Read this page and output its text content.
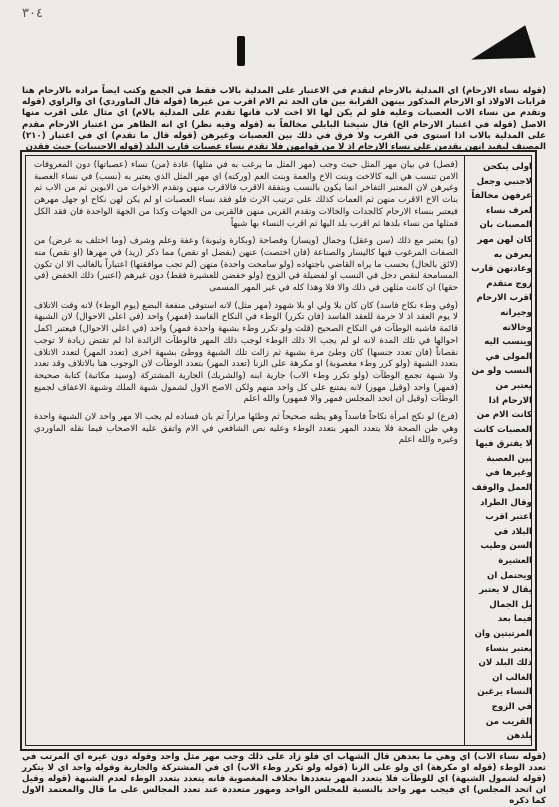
٣٠٤
(قوله نساء الارحام) اي المدلية بالارحام لتقدم في الاعتبار على المدلية بالاب فقط في الجمع وكتب ايضاً مراده بالارحام هنا قرابات الاولاد او الارحام المذكور بينهن القرابة بين فان الجد ثم الام اقرب من غيرها (قوله قال الماوردي) اي والراوي (قوله وتقدم من نساء الاب العصبات وعليه فلو لم يكن لها الا اخت لاب فانها تقدم على المدلية بالام) اي مثال على اقرب منها الاصل (قوله في اعتبار الارحام الخ) قال شيخنا البابلي مخالفاً به (قوله وفيه نظر) اي انه الظاهر من اعتبار الارحام مقدم على المدلية بالاب اذا استوى في القرب ولا فرق في ذلك بين العصبات وغيرهن (قوله قال ما تقدم) اي في اعتبار (٢١٠) المصنف ليفيد انهن يقدمن على نساء الارحام اذ لا من قوامهن فلا تقدم نساء عصبات قارب البلد (قوله الاجنبيات) حيث فقدن

(فصل) في بيان مهر المثل حيث وجب (مهر المثل ما يرغب به في مثلها) عادة (من) نساء (عصباتها) دون المعروفات الامن تنسب هي اليه كالاخت وبنت الاخ والعمة وبنت العم (وركنه) اي مهر المثل الذي يعتبر به (نسب) في نساء العصبة وغيرهن لان المعتبر التفاخر انما يكون بالنسب وبنفقة الاقرب فالاقرب منهن وتقدم الاخوات من الابوين ثم من الاب ثم بنات الاخ الاقرب منهن ثم العمات كذلك على ترتيب الارث فلو فقد نساء العصبات او لم يكن لهن نكاح او جهل مهرهن فيعتبر بنساء الارحام كالجدات والخالات وتقدم القربى منهن فالقربى من الجهات وكذا من الجهة الواحدة فان فقد الكل فمثلها من نساء بلدها ثم اقرب بلد اليها ثم اقرب النساء بها شبهاً

(و) يعتبر مع ذلك (سن وعقل) وجمال (ويسار) وفصاحة (وبكارة وثيوبة) وعفة وعلم وشرف (وما اختلف به غرض) من الصفات المرغوب فيها كاليسار والصناعة (فان اختصت) عنهن (بفضل او نقص) مما ذكر (زيد) في مهرها (او نقص) منه (لائق بالحال) بحسب ما يراه القاضي باجتهاده (ولو سامحت واحدة) منهن (لم تجب موافقتها) اعتباراً بالغالب الا ان تكون المسامحة لنقص دخل في النسب او لفضيلة في الزوج (ولو خفضن للعشيرة فقط) دون غيرهم (اعتبر) ذلك الخفض (في حقها) ان كانت مثلهن في ذلك والا فلا وهذا كله في غير المهر المسمى

(وفي وطء نكاح فاسد) كان كان بلا ولي او بلا شهود (مهر مثل) لانه استوفى منفعة البضع (يوم الوطء) لانه وقت الاتلاف لا يوم العقد اذ لا حرمة للعقد الفاسد (فان تكرر) الوطء في النكاح الفاسد (فمهر) واحد (في اعلى الاحوال) لان الشبهة قائمة فاشبه الوطآت في النكاح الصحيح (قلت ولو تكرر وطء بشبهة واحدة فمهر) واحد (في اعلى الاحوال) فيعتبر اكمل احوالها في تلك المدة لانه لو لم يجب الا ذلك الوطء لوجب ذلك المهر فالوطآت الزائدة اذا لم تقتض زيادة لا توجب نقصاناً (فان تعدد جنسها) كان وطئ مرة بشبهة ثم زالت تلك الشبهة ووطئ بشبهة اخرى (تعدد المهر) لتعدد الاتلاف بتعدد الشبهة (ولو كرر وطء مغصوبة) او مكرهة على الزنا (تعدد المهر) بتعدد الوطآت لان الوجوب هنا بالاتلاف وقد تعدد ولا شبهة تجمع الوطآت (ولو تكرر وطء الاب) جارية ابنه (والشريك) الجارية المشتركة (وسيد مكاتبة) كتابة صحيحة (فمهر) واحد (وقيل مهور) لانه يمتنع على كل واحد منهم ولكن الاصح الاول لشمول شبهة الملك وشبهة الاعفاف لجميع الوطآت (وقيل ان اتحد المجلس فمهر والا فمهور) والله اعلم

(فرع) لو نكح امرأة نكاحاً فاسداً وهو يظنه صحيحاً ثم وطئها مراراً ثم بان فساده لم يجب الا مهر واحد لان الشبهة واحدة وهي ظن الصحة فلا يتعدد المهر بتعدد الوطء وعليه نص الشافعي في الام واتفق عليه الاصحاب فيما نقله الماوردي وغيره والله اعلم

اولى ينكحن لاجنبي وجعل عرفهن مخالفاً لعرف نساء المصبات بان كان لهن مهر يعرفن به وعادتهن قارب زوج متقدم اقرب الارحام وجيرانه وخالاته وينسب اليه المولى في النسب ولو من يعتبر من الارحام اذا كانت الام من العصبات كانت لا يفترق فيها بين العصبة وغيرها في العمل والوقف وقال الطراد اعتبر اقرب البلاد في السن وطيب العشيرة ويحتمل ان يقال لا يعتبر بل الجمال فيما بعد المرتبتين وان يعتبر بنساء ذلك البلد لان الغالب ان النساء يرغبن في الزوج القريب من بلدهن
(قوله نساء الاب) اي وهي ما بعدهن قال الشهاب اي فلو زاد على ذلك وجب مهر مثل واحد وقوله دون غيره اي المرتب في تعدد الوطء (قوله او مكرهة) اي ولو على الزنا (قوله ولو تكرر وطء الاب) اي في المشتركة والجارية وقوله واحد اي لا يتكرر (قوله لشمول الشبهة) اي للوطآت فلا يتعدد المهر بتعددها بخلاف المغصوبة فانه يتعدد بتعدد الوطء لعدم الشبهة (قوله وقيل ان اتحد المجلس) اي فيجب مهر واحد بالنسبة للمجلس الواحد ومهور متعددة عند تعدد المجالس على ما قال والمعتمد الاول كما ذكره
